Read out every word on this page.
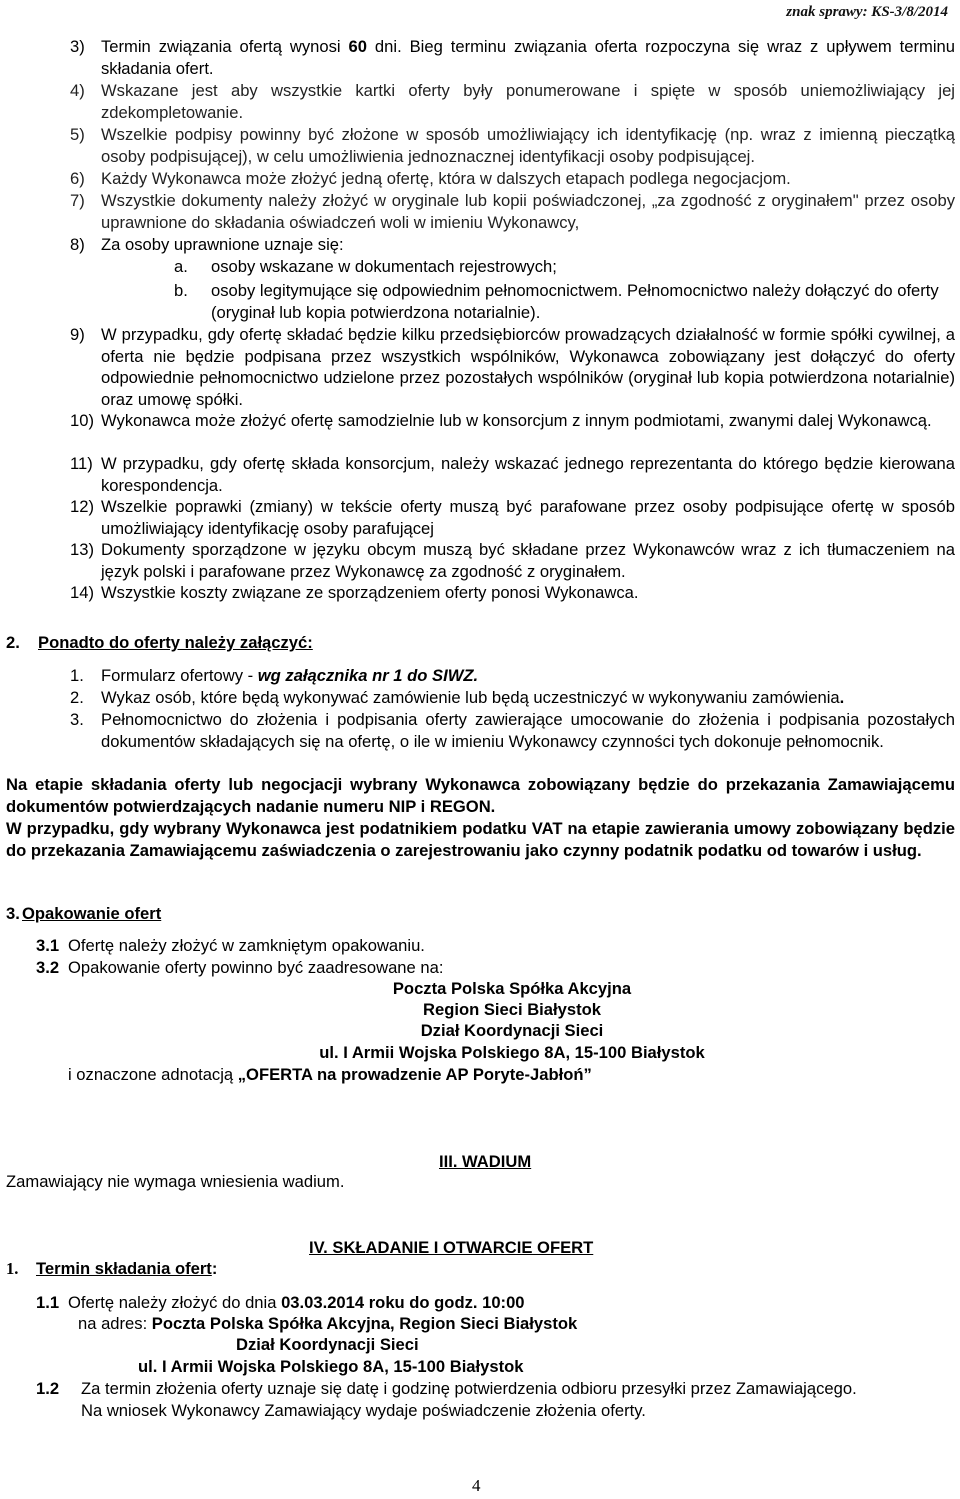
znak sprawy: KS-3/8/2014
3) Termin związania ofertą wynosi 60 dni. Bieg terminu związania oferta rozpoczyna się wraz z upływem terminu składania ofert.
4) Wskazane jest aby wszystkie kartki oferty były ponumerowane i spięte w sposób uniemożliwiający jej zdekompletowanie.
5) Wszelkie podpisy powinny być złożone w sposób umożliwiający ich identyfikację (np. wraz z imienną pieczątką osoby podpisującej), w celu umożliwienia jednoznacznej identyfikacji osoby podpisującej.
6) Każdy Wykonawca może złożyć jedną ofertę, która w dalszych etapach podlega negocjacjom.
7) Wszystkie dokumenty należy złożyć w oryginale lub kopii poświadczonej, „za zgodność z oryginałem" przez osoby uprawnione do składania oświadczeń woli w imieniu Wykonawcy,
8) Za osoby uprawnione uznaje się:
a. osoby wskazane w dokumentach rejestrowych;
b. osoby legitymujące się odpowiednim pełnomocnictwem. Pełnomocnictwo należy dołączyć do oferty (oryginał lub kopia potwierdzona notarialnie).
9) W przypadku, gdy ofertę składać będzie kilku przedsiębiorców prowadzących działalność w formie spółki cywilnej, a oferta nie będzie podpisana przez wszystkich wspólników, Wykonawca zobowiązany jest dołączyć do oferty odpowiednie pełnomocnictwo udzielone przez pozostałych wspólników (oryginał lub kopia potwierdzona notarialnie) oraz umowę spółki.
10) Wykonawca może złożyć ofertę samodzielnie lub w konsorcjum z innym podmiotami, zwanymi dalej Wykonawcą.
11) W przypadku, gdy ofertę składa konsorcjum, należy wskazać jednego reprezentanta do którego będzie kierowana korespondencja.
12) Wszelkie poprawki (zmiany) w tekście oferty muszą być parafowane przez osoby podpisujące ofertę w sposób umożliwiający identyfikację osoby parafującej
13) Dokumenty sporządzone w języku obcym muszą być składane przez Wykonawców wraz z ich tłumaczeniem na język polski i parafowane przez Wykonawcę za zgodność z oryginałem.
14) Wszystkie koszty związane ze sporządzeniem oferty ponosi Wykonawca.
2. Ponadto do oferty należy załączyć:
1. Formularz ofertowy - wg załącznika nr 1 do SIWZ.
2. Wykaz osób, które będą wykonywać zamówienie lub będą uczestniczyć w wykonywaniu zamówienia.
3. Pełnomocnictwo do złożenia i podpisania oferty zawierające umocowanie do złożenia i podpisania pozostałych dokumentów składających się na ofertę, o ile w imieniu Wykonawcy czynności tych dokonuje pełnomocnik.
Na etapie składania oferty lub negocjacji wybrany Wykonawca zobowiązany będzie do przekazania Zamawiającemu dokumentów potwierdzających nadanie numeru NIP i REGON.
W przypadku, gdy wybrany Wykonawca jest podatnikiem podatku VAT na etapie zawierania umowy zobowiązany będzie do przekazania Zamawiającemu zaświadczenia o zarejestrowaniu jako czynny podatnik podatku od towarów i usług.
3. Opakowanie ofert
3.1 Ofertę należy złożyć w zamkniętym opakowaniu.
3.2 Opakowanie oferty powinno być zaadresowane na:
Poczta Polska Spółka Akcyjna
Region Sieci Białystok
Dział Koordynacji Sieci
ul. I Armii Wojska Polskiego 8A, 15-100 Białystok
i oznaczone adnotacją „OFERTA na prowadzenie AP Poryte-Jabłoń”
III. WADIUM
Zamawiający nie wymaga wniesienia wadium.
IV. SKŁADANIE I OTWARCIE OFERT
1. Termin składania ofert:
1.1 Ofertę należy złożyć do dnia 03.03.2014 roku do godz. 10:00
na adres: Poczta Polska Spółka Akcyjna, Region Sieci Białystok
Dział Koordynacji Sieci
ul. I Armii Wojska Polskiego 8A, 15-100 Białystok
1.2 Za termin złożenia oferty uznaje się datę i godzinę potwierdzenia odbioru przesyłki przez Zamawiającego.
Na wniosek Wykonawcy Zamawiający wydaje poświadczenie złożenia oferty.
4
